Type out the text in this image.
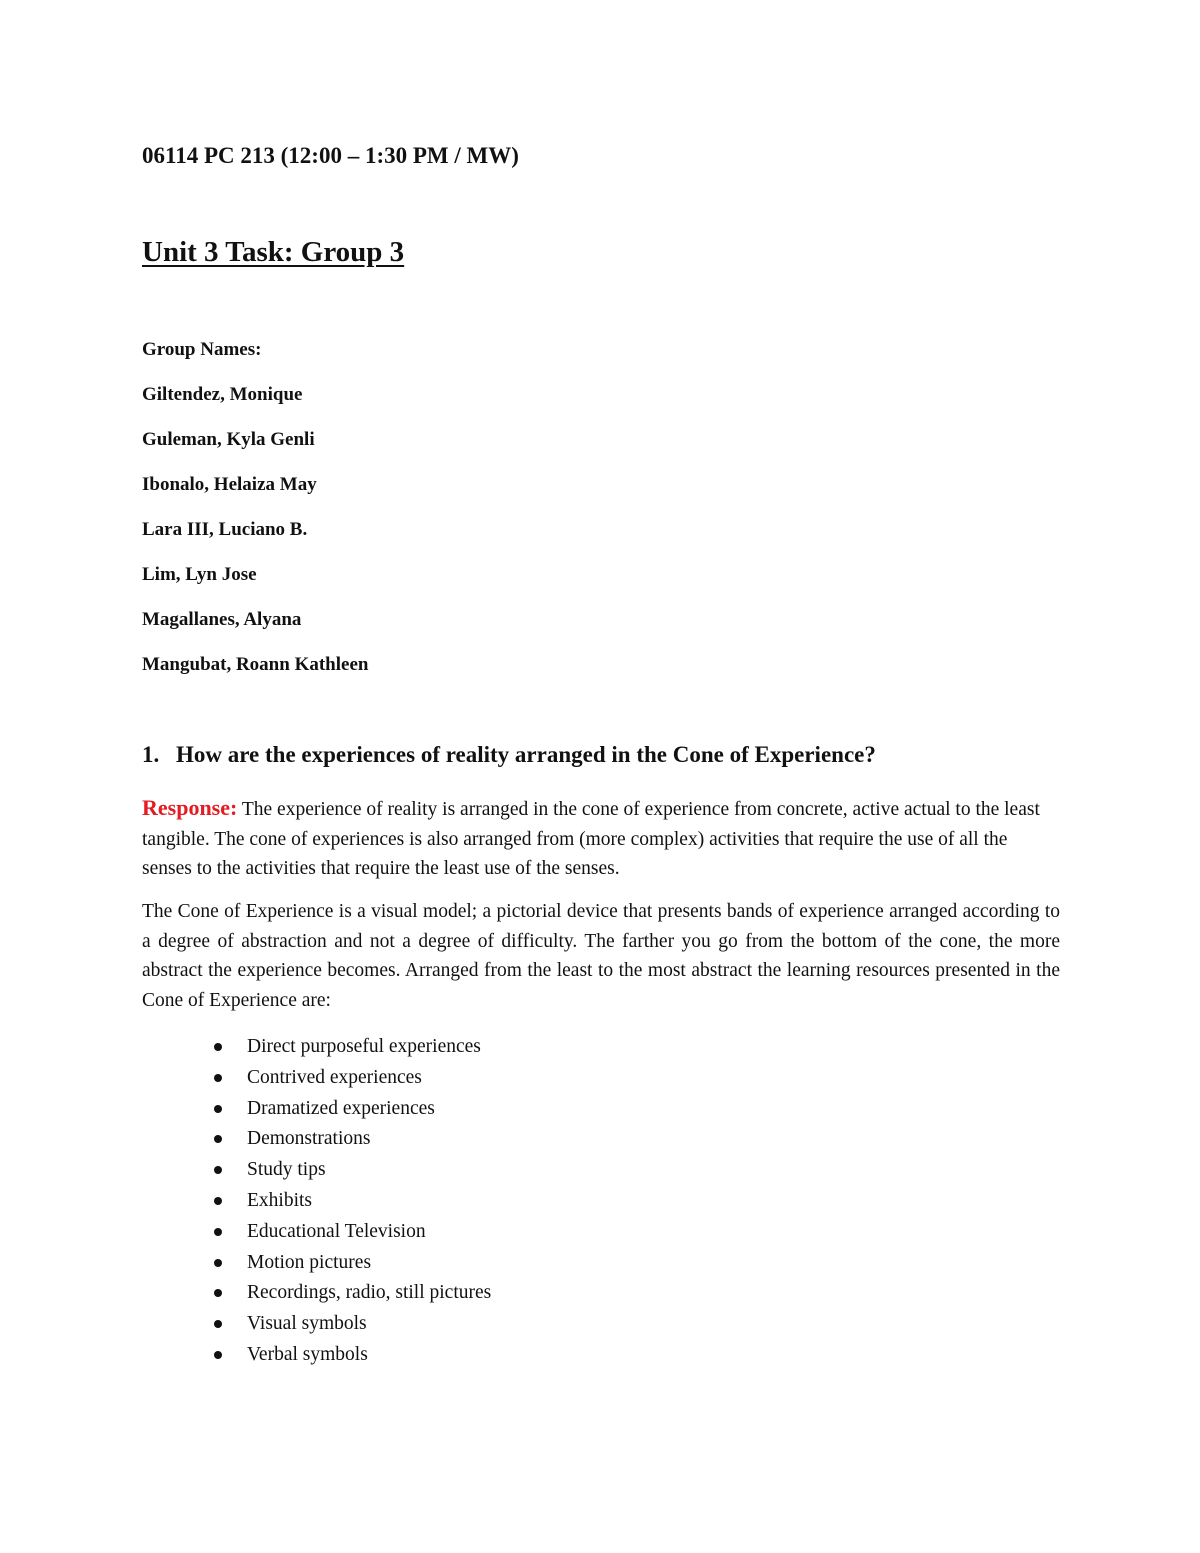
06114 PC 213 (12:00 – 1:30 PM / MW)

Unit 3 Task: Group 3
Group Names:
Giltendez, Monique
Guleman, Kyla Genli
Ibonalo, Helaiza May
Lara III, Luciano B.
Lim, Lyn Jose
Magallanes, Alyana
Mangubat, Roann Kathleen
1. How are the experiences of reality arranged in the Cone of Experience?

Response: The experience of reality is arranged in the cone of experience from concrete, active actual to the least tangible. The cone of experiences is also arranged from (more complex) activities that require the use of all the senses to the activities that require the least use of the senses.

The Cone of Experience is a visual model; a pictorial device that presents bands of experience arranged according to a degree of abstraction and not a degree of difficulty. The farther you go from the bottom of the cone, the more abstract the experience becomes. Arranged from the least to the most abstract the learning resources presented in the Cone of Experience are:

Direct purposeful experiences
Contrived experiences
Dramatized experiences
Demonstrations
Study tips
Exhibits
Educational Television
Motion pictures
Recordings, radio, still pictures
Visual symbols
Verbal symbols
